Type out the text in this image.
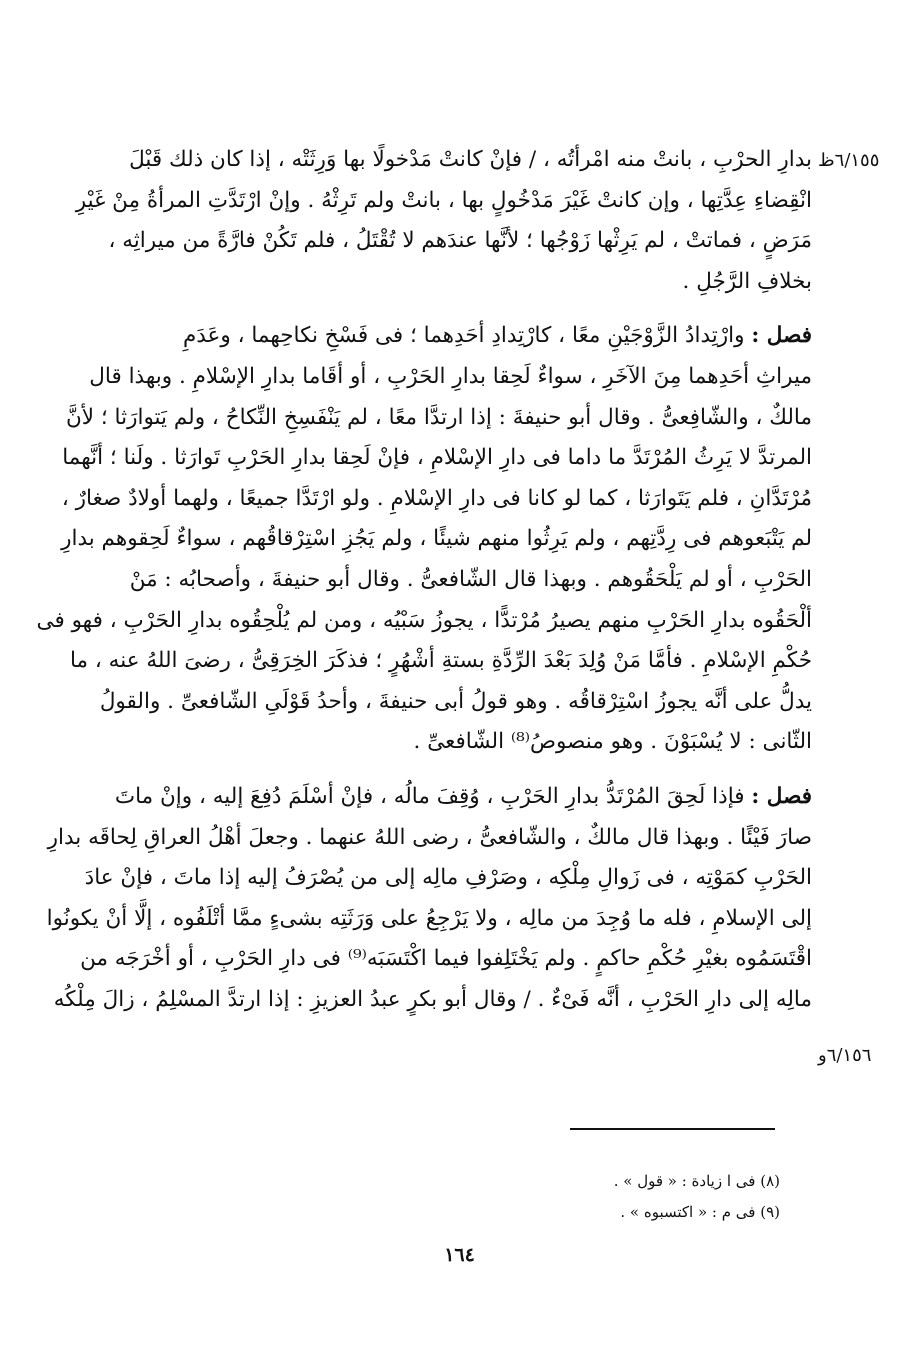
٦/١٥٥ظ
٦/١٥٦و
بدارِ الحرْبِ ، بانتْ منه امْرأتُه ، / فإنْ كانتْ مَدْخولًا بها وَرِثَتْه ، إذا كان ذلك قَبْلَ
انْقِضاءِ عِدَّتِها ، وإن كانتْ غَيْرَ مَدْخُولٍ بها ، بانتْ ولم تَرِثْهُ . وإنْ ارْتَدَّتِ المرأةُ مِنْ غَيْرِ
مَرَضٍ ، فماتتْ ، لم يَرِثْها زَوْجُها ؛ لأنَّها عندَهم لا تُقْتَلُ ، فلم تَكُنْ فارَّةً من ميراثِه ،
بخلافِ الرَّجُلِ .
فصل : وارْتِدادُ الزَّوْجَيْنِ معًا ، كارْتِدادِ أحَدِهما ؛ فى فَسْخِ نكاحِهما ، وعَدَمِ
ميراثِ أحَدِهما مِنَ الآخَرِ ، سواءٌ لَحِقا بدارِ الحَرْبِ ، أو أقَاما بدارِ الإسْلامِ . وبهذا قال
مالكٌ ، والشّافِعىُّ . وقال أبو حنيفةَ : إذا ارتدَّا معًا ، لم يَنْفَسِخِ النِّكاحُ ، ولم يَتوارَثا ؛ لأنَّ
المرتدَّ لا يَرِثُ المُرْتَدَّ ما داما فى دارِ الإسْلامِ ، فإنْ لَحِقا بدارِ الحَرْبِ تَوارَثا . ولَنا ؛ أنَّهما
مُرْتَدَّانِ ، فلم يَتَوارَثا ، كما لو كانا فى دارِ الإسْلامِ . ولو ارْتَدَّا جميعًا ، ولهما أولادٌ صغارٌ ،
لم يَتْبَعوهم فى رِدَّتِهم ، ولم يَرِثُوا منهم شيئًا ، ولم يَجُزِ اسْتِرْقاقُهم ، سواءٌ لَحِقوهم بدارِ
الحَرْبِ ، أو لم يَلْحَقُوهم . وبهذا قال الشّافعىُّ . وقال أبو حنيفةَ ، وأصحابُه : مَنْ
ألْحَقُوه بدارِ الحَرْبِ منهم يصيرُ مُرْتدًّا ، يجوزُ سَبْيُه ، ومن لم يُلْحِقُوه بدارِ الحَرْبِ ، فهو فى
حُكْمِ الإسْلامِ . فأمَّا مَنْ وُلِدَ بَعْدَ الرِّدَّةِ بستةِ أشْهُرٍ ؛ فذكَرَ الخِرَقِىُّ ، رضىَ اللهُ عنه ، ما
يدلُّ على أنَّه يجوزُ اسْتِرْقاقُه . وهو قولُ أبى حنيفةَ ، وأحدُ قَوْلَىِ الشّافعىِّ . والقولُ
الثّانى : لا يُسْبَوْنَ . وهو منصوصُ⁽⁸⁾ الشّافعىِّ .
فصل : فإذا لَحِقَ المُرْتَدُّ بدارِ الحَرْبِ ، وُقِفَ مالُه ، فإنْ أسْلَمَ دُفِعَ إليه ، وإنْ ماتَ
صارَ فَيْئًا . وبهذا قال مالكٌ ، والشّافعىُّ ، رضى اللهُ عنهما . وجعلَ أهْلُ العراقِ لِحاقَه بدارِ
الحَرْبِ كمَوْتِه ، فى زَوالِ مِلْكِه ، وصَرْفِ مالِه إلى من يُصْرَفُ إليه إذا ماتَ ، فإنْ عادَ
إلى الإسلامِ ، فله ما وُجِدَ من مالِه ، ولا يَرْجِعُ على وَرَثَتِه بشىءٍ ممَّا أتْلَفُوه ، إلَّا أنْ يكونُوا
اقْتَسَمُوه بغيْرِ حُكْمِ حاكمٍ . ولم يَخْتَلِفوا فيما اكْتَسَبَه⁽⁹⁾ فى دارِ الحَرْبِ ، أو أخْرَجَه من
مالِه إلى دارِ الحَرْبِ ، أنَّه فَىْءٌ . / وقال أبو بكرٍ عبدُ العزيزِ : إذا ارتدَّ المسْلِمُ ، زالَ مِلْكُه
(٨) فى ا زيادة : « قول » .
(٩) فى م : « اكتسبوه » .
١٦٤
